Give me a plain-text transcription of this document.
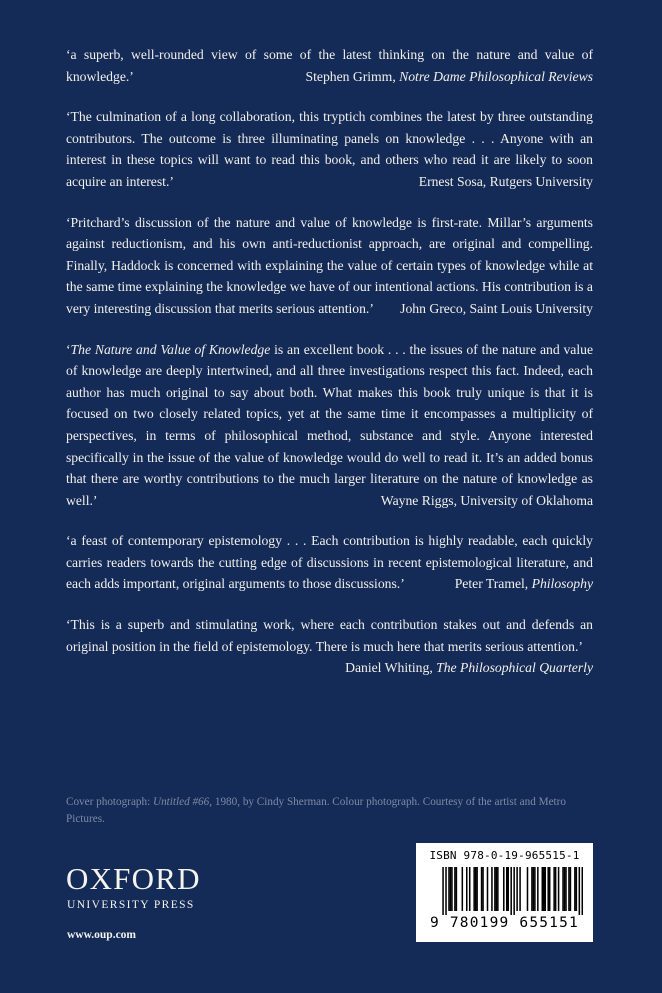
‘a superb, well-rounded view of some of the latest thinking on the nature and value of knowledge.’	Stephen Grimm, Notre Dame Philosophical Reviews
‘The culmination of a long collaboration, this tryptich combines the latest by three outstanding contributors. The outcome is three illuminating panels on knowledge . . . Anyone with an interest in these topics will want to read this book, and others who read it are likely to soon acquire an interest.’	Ernest Sosa, Rutgers University
‘Pritchard’s discussion of the nature and value of knowledge is first-rate. Millar’s arguments against reductionism, and his own anti-reductionist approach, are original and compelling. Finally, Haddock is concerned with explaining the value of certain types of knowledge while at the same time explaining the knowledge we have of our intentional actions. His contribution is a very interesting discussion that merits serious attention.’	John Greco, Saint Louis University
‘The Nature and Value of Knowledge is an excellent book . . . the issues of the nature and value of knowledge are deeply intertwined, and all three investigations respect this fact. Indeed, each author has much original to say about both. What makes this book truly unique is that it is focused on two closely related topics, yet at the same time it encompasses a multiplicity of perspectives, in terms of philosophical method, substance and style. Anyone interested specifically in the issue of the value of knowledge would do well to read it. It’s an added bonus that there are worthy contributions to the much larger literature on the nature of knowledge as well.’	Wayne Riggs, University of Oklahoma
‘a feast of contemporary epistemology . . . Each contribution is highly readable, each quickly carries readers towards the cutting edge of discussions in recent epistemological literature, and each adds important, original arguments to those discussions.’	Peter Tramel, Philosophy
‘This is a superb and stimulating work, where each contribution stakes out and defends an original position in the field of epistemology. There is much here that merits serious attention.’
Daniel Whiting, The Philosophical Quarterly
Cover photograph: Untitled #66, 1980, by Cindy Sherman. Colour photograph. Courtesy of the artist and Metro Pictures.
OXFORD
UNIVERSITY PRESS
www.oup.com
ISBN 978-0-19-965515-1
9 780199 655151
